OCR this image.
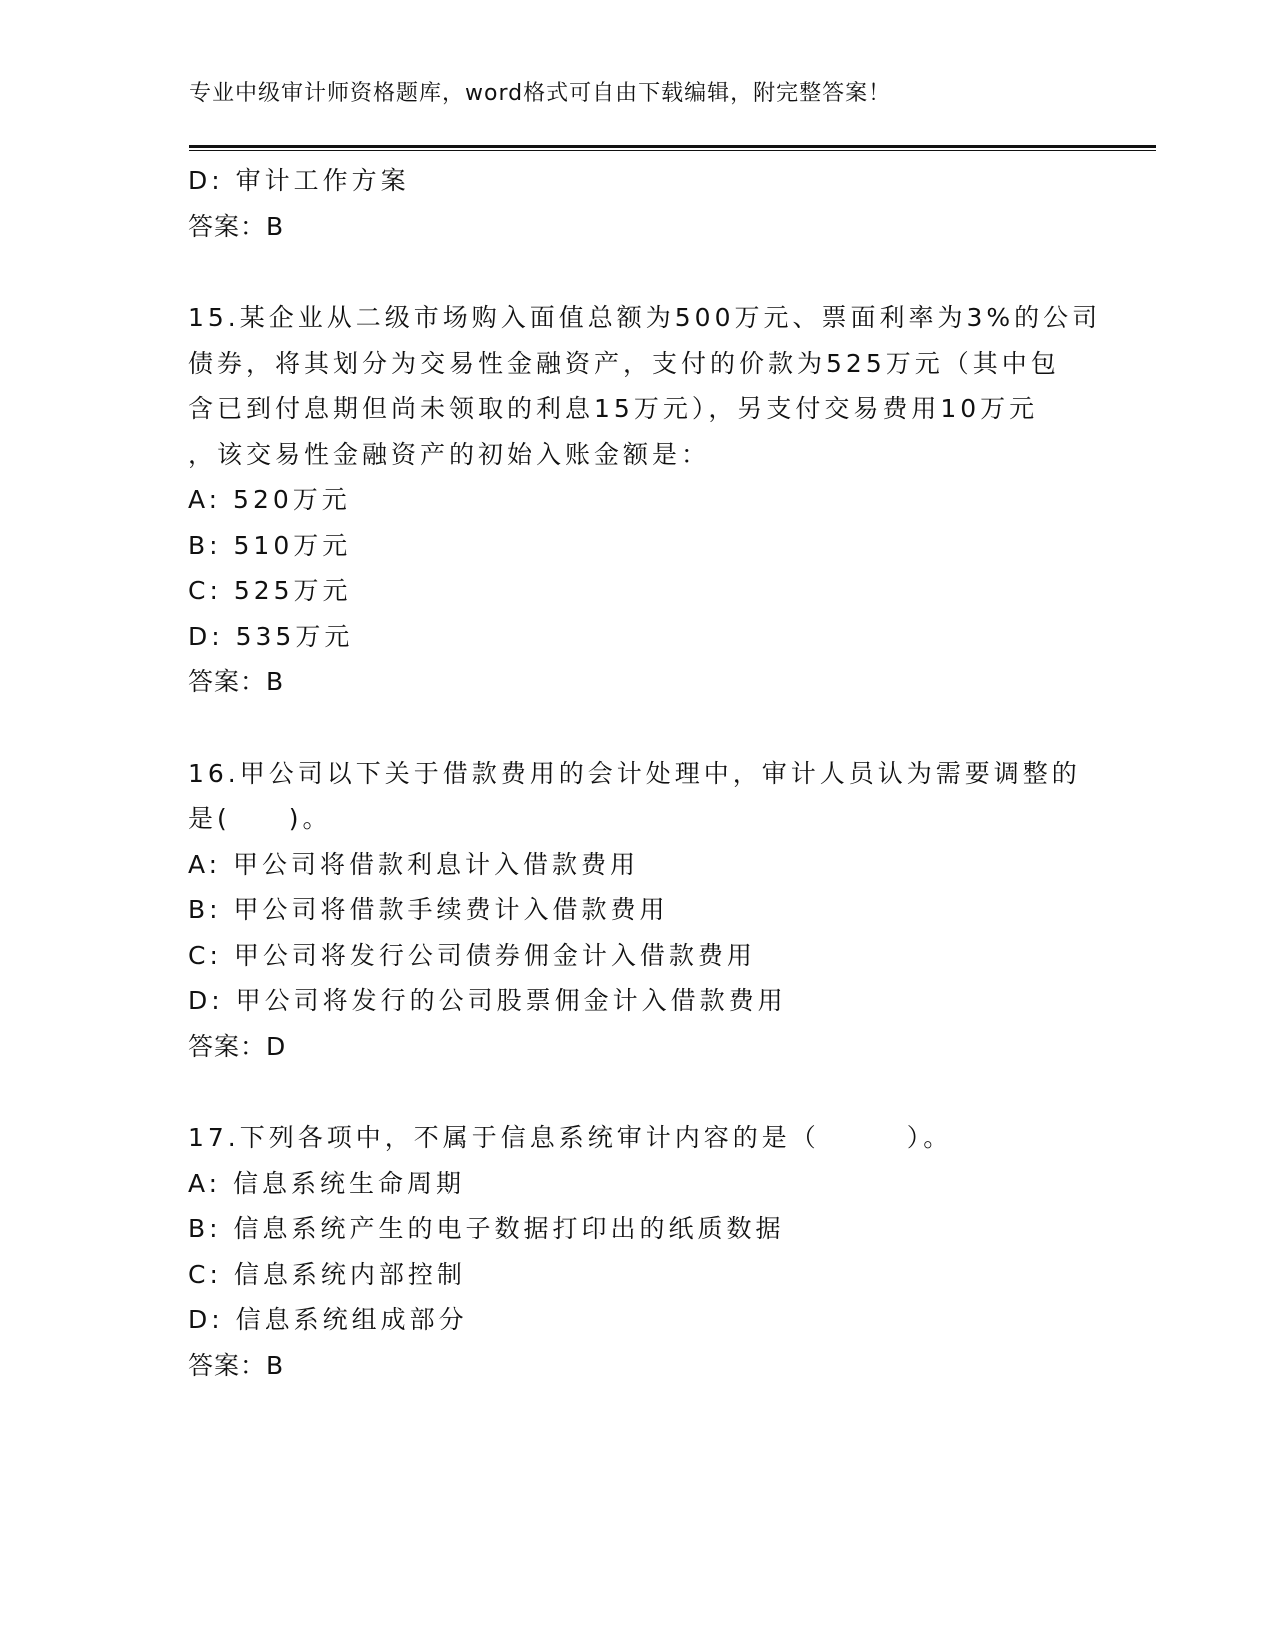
专业中级审计师资格题库，word格式可自由下载编辑，附完整答案！
D: 审计工作方案
答案：B
15.某企业从二级市场购入面值总额为500万元、票面利率为3%的公司
债券，将其划分为交易性金融资产，支付的价款为525万元（其中包
含已到付息期但尚未领取的利息15万元），另支付交易费用10万元
，该交易性金融资产的初始入账金额是：
A: 520万元
B: 510万元
C: 525万元
D: 535万元
答案：B
16.甲公司以下关于借款费用的会计处理中，审计人员认为需要调整的
是(　　)。
A: 甲公司将借款利息计入借款费用
B: 甲公司将借款手续费计入借款费用
C: 甲公司将发行公司债券佣金计入借款费用
D: 甲公司将发行的公司股票佣金计入借款费用
答案：D
17.下列各项中，不属于信息系统审计内容的是（　　　）。
A: 信息系统生命周期
B: 信息系统产生的电子数据打印出的纸质数据
C: 信息系统内部控制
D: 信息系统组成部分
答案：B
